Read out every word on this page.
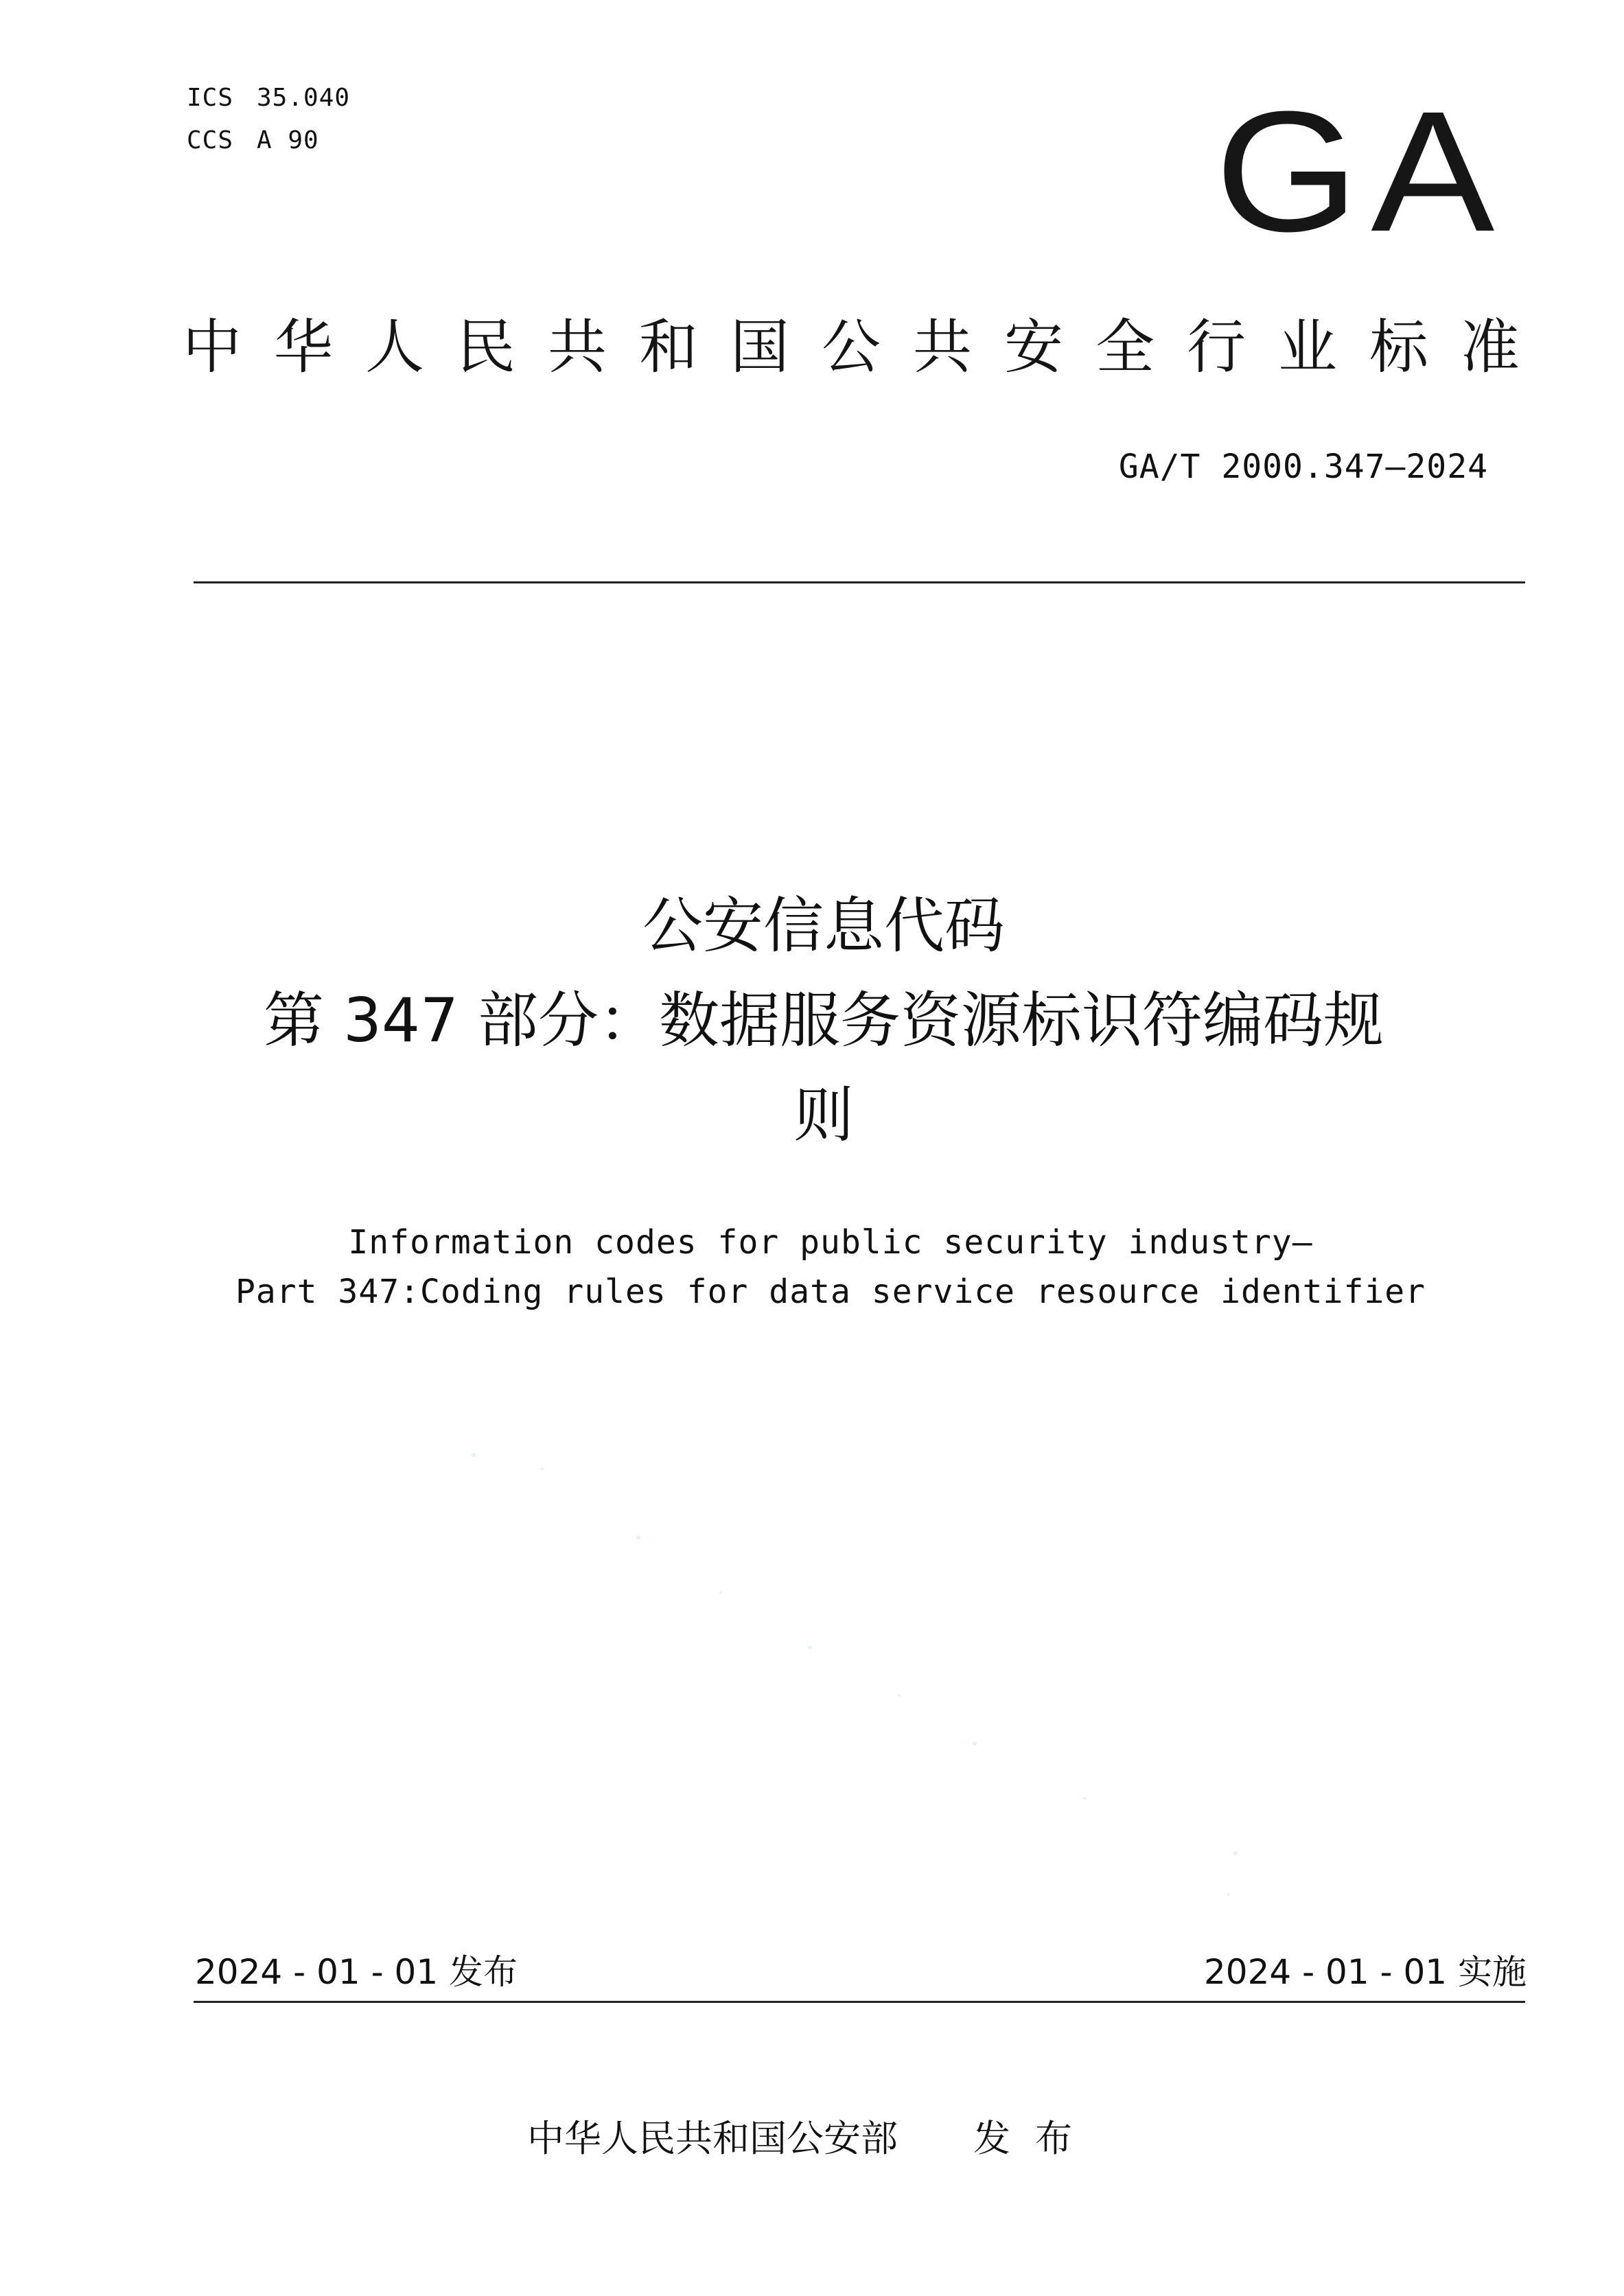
ICS 35.040
CCS A 90	GA
中华人民共和国公共安全行业标准
GA/T 2000.347—2024
公安信息代码
第 347 部分：数据服务资源标识符编码规
则
Information codes for public security industry—
Part 347:Coding rules for data service resource identifier
2024 - 01 - 01 发布	2024 - 01 - 01 实施
中华人民共和国公安部 发布
